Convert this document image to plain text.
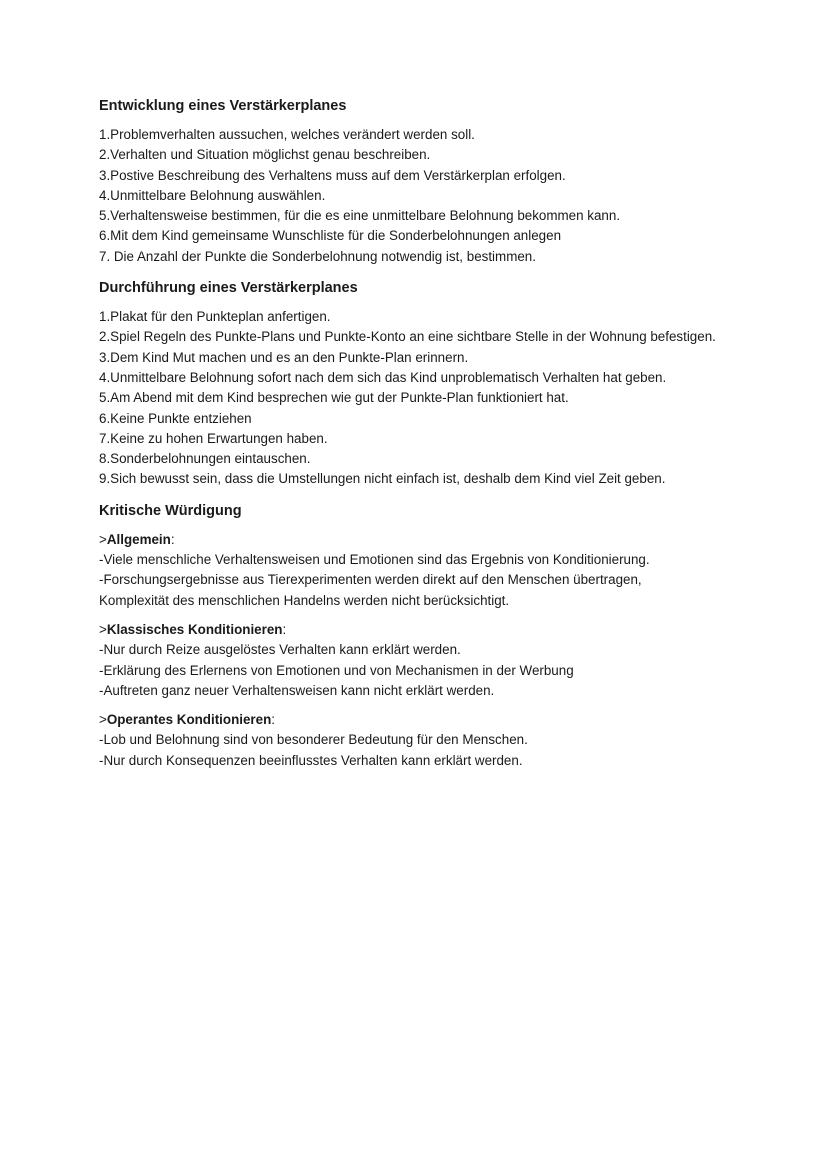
Entwicklung eines Verstärkerplanes
1.Problemverhalten aussuchen, welches verändert werden soll.
2.Verhalten und Situation möglichst genau beschreiben.
3.Postive Beschreibung des Verhaltens muss auf dem Verstärkerplan erfolgen.
4.Unmittelbare Belohnung auswählen.
5.Verhaltensweise bestimmen, für die es eine unmittelbare Belohnung bekommen kann.
6.Mit dem Kind gemeinsame Wunschliste für die Sonderbelohnungen anlegen
7. Die Anzahl der Punkte die Sonderbelohnung notwendig ist, bestimmen.
Durchführung eines Verstärkerplanes
1.Plakat für den Punkteplan anfertigen.
2.Spiel Regeln des Punkte-Plans und Punkte-Konto an eine sichtbare Stelle in der Wohnung befestigen.
3.Dem Kind Mut machen und es an den Punkte-Plan erinnern.
4.Unmittelbare Belohnung sofort nach dem sich das Kind unproblematisch Verhalten hat geben.
5.Am Abend mit dem Kind besprechen wie gut der Punkte-Plan funktioniert hat.
6.Keine Punkte entziehen
7.Keine zu hohen Erwartungen haben.
8.Sonderbelohnungen eintauschen.
9.Sich bewusst sein, dass die Umstellungen nicht einfach ist, deshalb dem Kind viel Zeit geben.
Kritische Würdigung
>Allgemein:
-Viele menschliche Verhaltensweisen und Emotionen sind das Ergebnis von Konditionierung.
-Forschungsergebnisse aus Tierexperimenten werden direkt auf den Menschen übertragen,
Komplexität des menschlichen Handelns werden nicht berücksichtigt.
>Klassisches Konditionieren:
-Nur durch Reize ausgelöstes Verhalten kann erklärt werden.
-Erklärung des Erlernens von Emotionen und von Mechanismen in der Werbung
-Auftreten ganz neuer Verhaltensweisen kann nicht erklärt werden.
>Operantes Konditionieren:
-Lob und Belohnung sind von besonderer Bedeutung für den Menschen.
-Nur durch Konsequenzen beeinflusstes Verhalten kann erklärt werden.
